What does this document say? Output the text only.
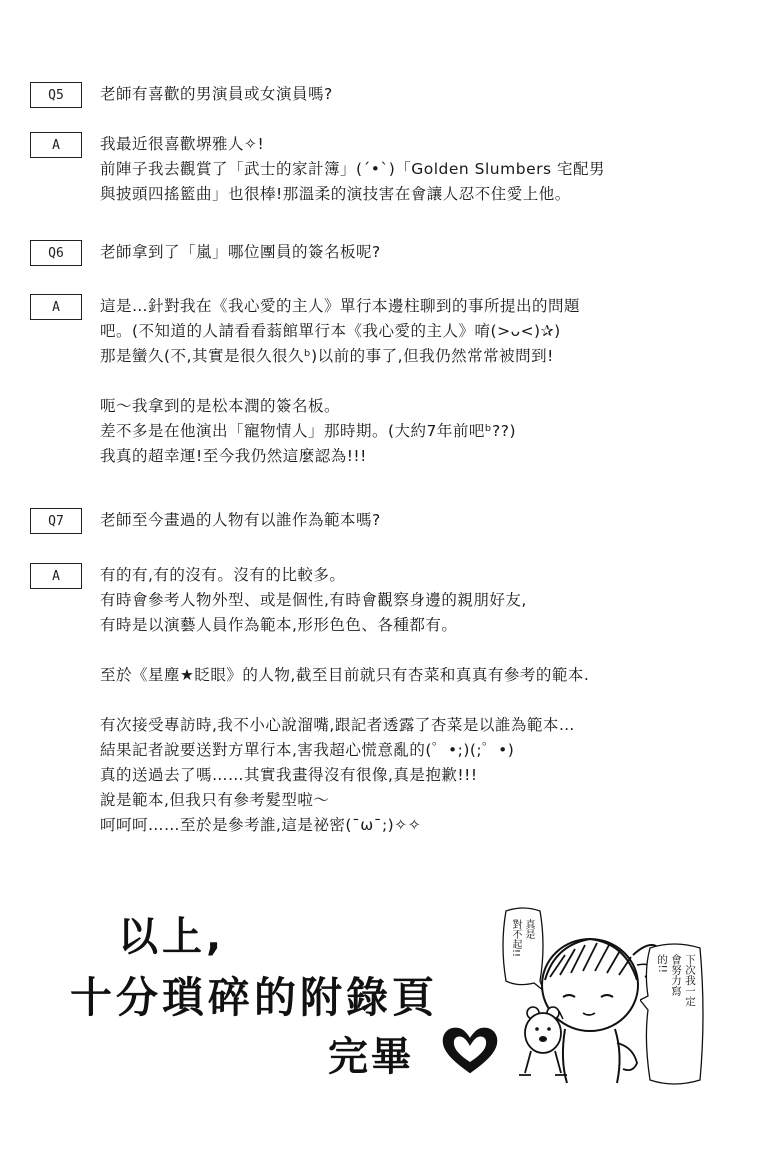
Q5	老師有喜歡的男演員或女演員嗎?
A	我最近很喜歡堺雅人✧!
前陣子我去觀賞了「武士的家計簿」(ˊ•ˋ)「Golden Slumbers 宅配男
與披頭四搖籃曲」也很棒!那溫柔的演技害在會讓人忍不住愛上他。
Q6	老師拿到了「嵐」哪位團員的簽名板呢?
A	這是…針對我在《我心愛的主人》單行本邊柱聊到的事所提出的問題
吧。(不知道的人請看看蓊館單行本《我心愛的主人》唷(>ᴗ<)✰)
那是蠻久(不,其實是很久很久ᵇ)以前的事了,但我仍然常常被問到!
呃〜我拿到的是松本潤的簽名板。
差不多是在他演出「寵物情人」那時期。(大約7年前吧ᵇ??)
我真的超幸運!至今我仍然這麼認為!!!
Q7	老師至今畫過的人物有以誰作為範本嗎?
A	有的有,有的沒有。沒有的比較多。
有時會參考人物外型、或是個性,有時會觀察身邊的親朋好友,
有時是以演藝人員作為範本,形形色色、各種都有。
至於《星塵★眨眼》的人物,截至目前就只有杏菜和真真有參考的範本.
有次接受專訪時,我不小心說溜嘴,跟記者透露了杏菜是以誰為範本…
結果記者說要送對方單行本,害我超心慌意亂的(゜•;)(;゜•)
真的送過去了嗎……其實我畫得沒有很像,真是抱歉!!!
說是範本,但我只有參考髮型啦〜
呵呵呵……至於是參考誰,這是祕密(ˉωˉ;)✧✧
以上,
十分瑣碎的附錄頁
完畢
真是
對不起!!
下次我一定
會努力寫
的!!
